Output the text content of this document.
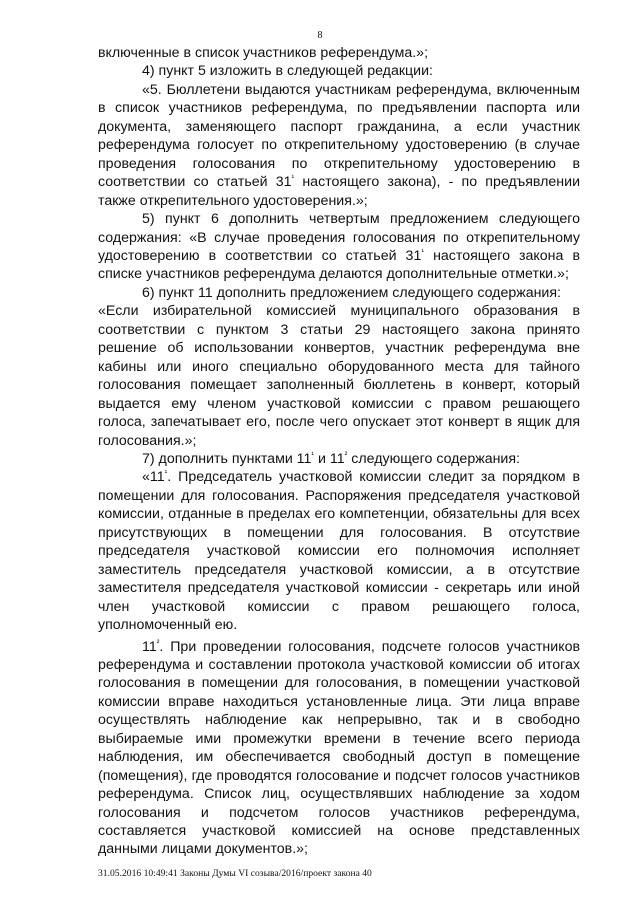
8

включенные в список участников референдума.»;

4) пункт 5 изложить в следующей редакции:

«5. Бюллетени выдаются участникам референдума, включенным в список участников референдума, по предъявлении паспорта или документа, заменяющего паспорт гражданина, а если участник референдума голосует по открепительному удостоверению (в случае проведения голосования по открепительному удостоверению в соответствии со статьей $31^{^1}$ настоящего закона), - по предъявлении также открепительного удостоверения.»;

5) пункт 6 дополнить четвертым предложением следующего содержания: «В случае проведения голосования по открепительному удостоверению в соответствии со статьей $31^{^1}$ настоящего закона в списке участников референдума делаются дополнительные отметки.»;

6) пункт 11 дополнить предложением следующего содержания:

«Если избирательной комиссией муниципального образования в соответствии с пунктом 3 статьи 29 настоящего закона принято решение об использовании конвертов, участник референдума вне кабины или иного специально оборудованного места для тайного голосования помещает заполненный бюллетень в конверт, который выдается ему членом участковой комиссии с правом решающего голоса, запечатывает его, после чего опускает этот конверт в ящик для голосования.»;

7) дополнить пунктами $11^{^1}$ и $11^{^2}$ следующего содержания:

«$11^{^1}$. Председатель участковой комиссии следит за порядком в помещении для голосования. Распоряжения председателя участковой комиссии, отданные в пределах его компетенции, обязательны для всех присутствующих в помещении для голосования. В отсутствие председателя участковой комиссии его полномочия исполняет заместитель председателя участковой комиссии, а в отсутствие заместителя председателя участковой комиссии - секретарь или иной член участковой комиссии с правом решающего голоса, уполномоченный ею.

$11^{^2}$. При проведении голосования, подсчете голосов участников референдума и составлении протокола участковой комиссии об итогах голосования в помещении для голосования, в помещении участковой комиссии вправе находиться установленные лица. Эти лица вправе осуществлять наблюдение как непрерывно, так и в свободно выбираемые ими промежутки времени в течение всего периода наблюдения, им обеспечивается свободный доступ в помещение (помещения), где проводятся голосование и подсчет голосов участников референдума. Список лиц, осуществлявших наблюдение за ходом голосования и подсчетом голосов участников референдума, составляется участковой комиссией на основе представленных данными лицами документов.»;

31.05.2016 10:49:41 Законы Думы VI созыва/2016/проект закона 40
